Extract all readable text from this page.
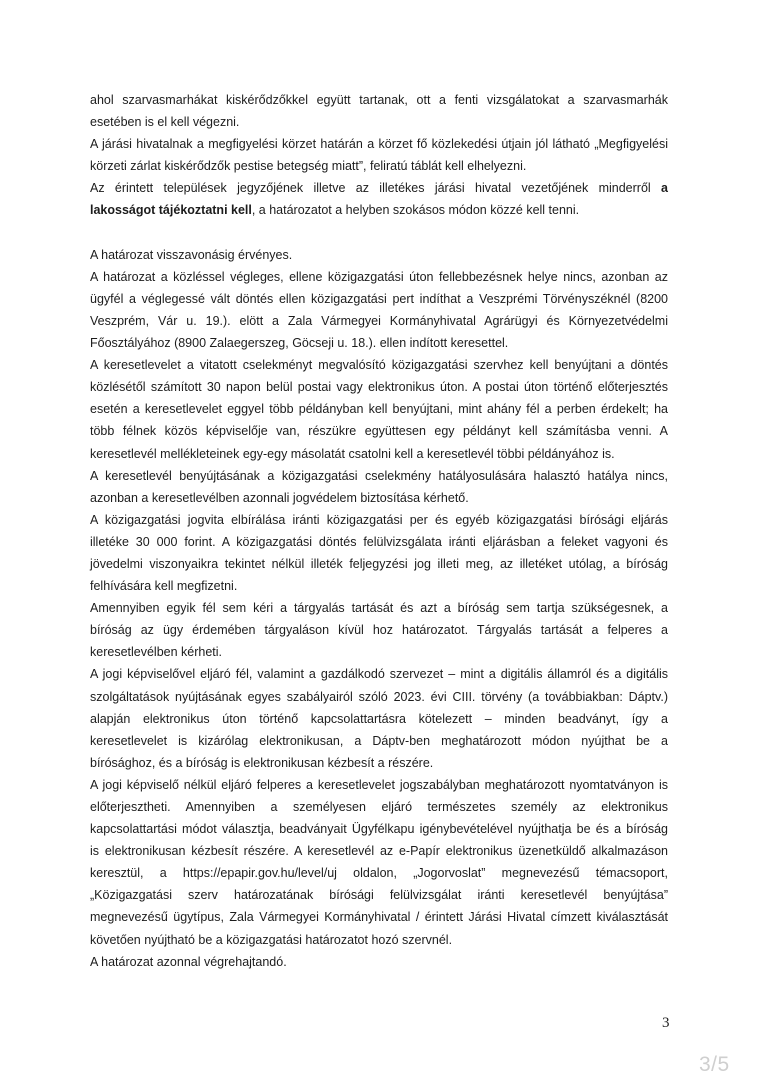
ahol szarvasmarhákat kiskérődzőkkel együtt tartanak, ott a fenti vizsgálatokat a szarvasmarhák
esetében is el kell végezni.
A járási hivatalnak a megfigyelési körzet határán a körzet fő közlekedési útjain jól látható „Megfigyelési
körzeti zárlat kiskérődzők pestise betegség miatt”, feliratú táblát kell elhelyezni.
Az érintett települések jegyzőjének illetve az illetékes járási hivatal vezetőjének minderről a
lakosságot tájékoztatni kell, a határozatot a helyben szokásos módon közzé kell tenni.
A határozat visszavonásig érvényes.
A határozat a közléssel végleges, ellene közigazgatási úton fellebbezésnek helye nincs, azonban az
ügyfél a véglegessé vált döntés ellen közigazgatási pert indíthat a Veszprémi Törvényszéknél (8200
Veszprém, Vár u. 19.). elött a Zala Vármegyei Kormányhivatal Agrárügyi és Környezetvédelmi
Főosztályához (8900 Zalaegerszeg, Göcseji u. 18.). ellen indított keresettel.
A keresetlevelet a vitatott cselekményt megvalósító közigazgatási szervhez kell benyújtani a döntés
közlésétől számított 30 napon belül postai vagy elektronikus úton. A postai úton történő előterjesztés
esetén a keresetlevelet eggyel több példányban kell benyújtani, mint ahány fél a perben érdekelt; ha
több félnek közös képviselője van, részükre együttesen egy példányt kell számításba venni. A
keresetlevél mellékleteinek egy-egy másolatát csatolni kell a keresetlevél többi példányához is.
A keresetlevél benyújtásának a közigazgatási cselekmény hatályosulására halasztó hatálya nincs,
azonban a keresetlevélben azonnali jogvédelem biztosítása kérhető.
A közigazgatási jogvita elbírálása iránti közigazgatási per és egyéb közigazgatási bírósági eljárás
illetéke 30 000 forint. A közigazgatási döntés felülvizsgálata iránti eljárásban a feleket vagyoni és
jövedelmi viszonyaikra tekintet nélkül illeték feljegyzési jog illeti meg, az illetéket utólag, a bíróság
felhívására kell megfizetni.
Amennyiben egyik fél sem kéri a tárgyalás tartását és azt a bíróság sem tartja szükségesnek, a
bíróság az ügy érdemében tárgyaláson kívül hoz határozatot. Tárgyalás tartását a felperes a
keresetlevélben kérheti.
A jogi képviselővel eljáró fél, valamint a gazdálkodó szervezet – mint a digitális államról és a digitális
szolgáltatások nyújtásának egyes szabályairól szóló 2023. évi CIII. törvény (a továbbiakban: Dáptv.)
alapján elektronikus úton történő kapcsolattartásra kötelezett – minden beadványt, így a
keresetlevelet is kizárólag elektronikusan, a Dáptv-ben meghatározott módon nyújthat be a
bírósághoz, és a bíróság is elektronikusan kézbesít a részére.
A jogi képviselő nélkül eljáró felperes a keresetlevelet jogszabályban meghatározott nyomtatványon is
előterjesztheti. Amennyiben a személyesen eljáró természetes személy az elektronikus
kapcsolattartási módot választja, beadványait Ügyfélkapu igénybevételével nyújthatja be és a bíróság
is elektronikusan kézbesít részére. A keresetlevél az e-Papír elektronikus üzenetküldő alkalmazáson
keresztül, a https://epapir.gov.hu/level/uj oldalon, „Jogorvoslat” megnevezésű témacsoport,
„Közigazgatási szerv határozatának bírósági felülvizsgálat iránti keresetlevél benyújtása”
megnevezésű ügytípus, Zala Vármegyei Kormányhivatal / érintett Járási Hivatal címzett kiválasztását
követően nyújtható be a közigazgatási határozatot hozó szervnél.
A határozat azonnal végrehajtandó.
3
3/5
